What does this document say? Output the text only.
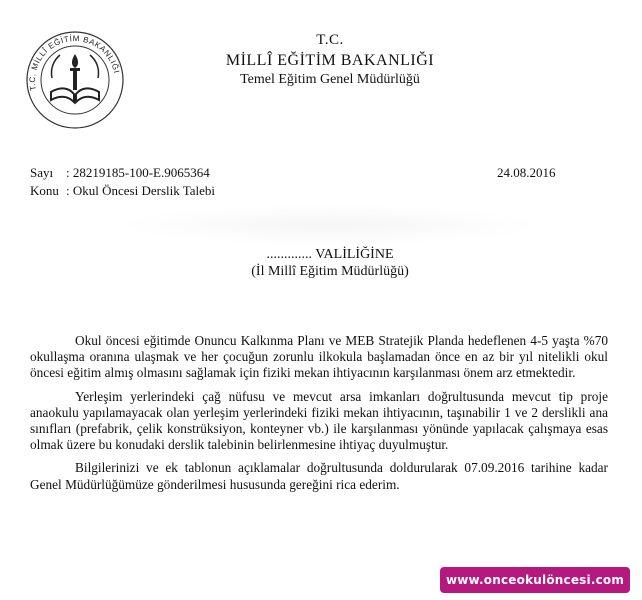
T.C. MİLLÎ EĞİTİM BAKANLIĞI
T.C.
MİLLÎ EĞİTİM BAKANLIĞI
Temel Eğitim Genel Müdürlüğü
Sayı : 28219185-100-E.9065364
Konu : Okul Öncesi Derslik Talebi
24.08.2016
............. VALİLİĞİNE
(İl Millî Eğitim Müdürlüğü)

Okul öncesi eğitimde Onuncu Kalkınma Planı ve MEB Stratejik Planda hedeflenen 4-5 yaşta %70 okullaşma oranına ulaşmak ve her çocuğun zorunlu ilkokula başlamadan önce en az bir yıl nitelikli okul öncesi eğitim almış olmasını sağlamak için fiziki mekan ihtiyacının karşılanması önem arz etmektedir.

Yerleşim yerlerindeki çağ nüfusu ve mevcut arsa imkanları doğrultusunda mevcut tip proje anaokulu yapılamayacak olan yerleşim yerlerindeki fiziki mekan ihtiyacının, taşınabilir 1 ve 2 derslikli ana sınıfları (prefabrik, çelik konstrüksiyon, konteyner vb.) ile karşılanması yönünde yapılacak çalışmaya esas olmak üzere bu konudaki derslik talebinin belirlenmesine ihtiyaç duyulmuştur.

Bilgilerinizi ve ek tablonun açıklamalar doğrultusunda doldurularak 07.09.2016 tarihine kadar Genel Müdürlüğümüze gönderilmesi hususunda gereğini rica ederim.

www.onceokulöncesi.com
